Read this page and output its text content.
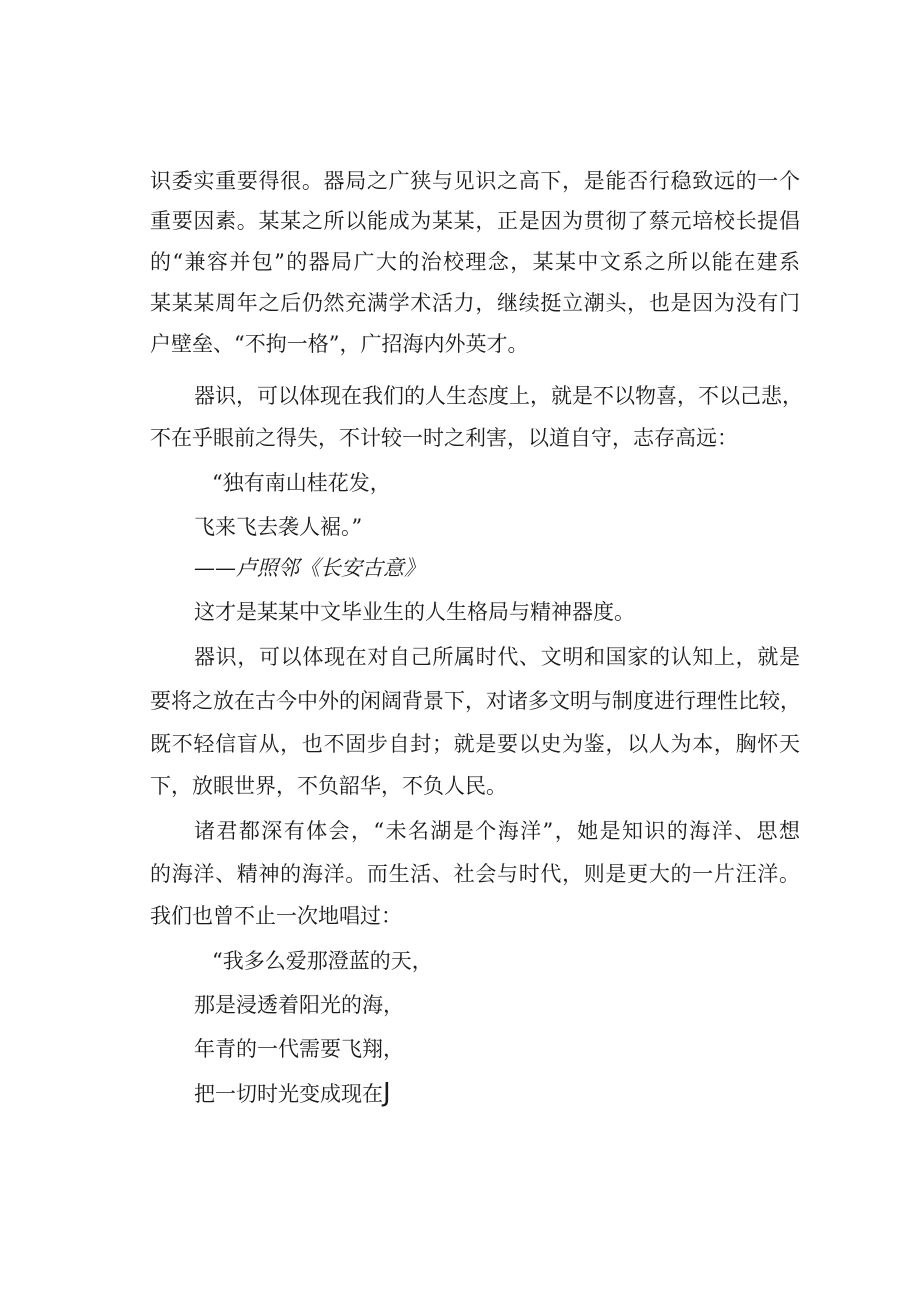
识委实重要得很。器局之广狭与见识之高下，是能否行稳致远的一个
重要因素。某某之所以能成为某某，正是因为贯彻了蔡元培校长提倡
的“兼容并包”的器局广大的治校理念，某某中文系之所以能在建系
某某某周年之后仍然充满学术活力，继续挺立潮头，也是因为没有门
户壁垒、“不拘一格”，广招海内外英才。
器识，可以体现在我们的人生态度上，就是不以物喜，不以己悲，
不在乎眼前之得失，不计较一时之利害，以道自守，志存高远：
“独有南山桂花发，
飞来飞去袭人裾。”
——卢照邻《长安古意》
这才是某某中文毕业生的人生格局与精神器度。
器识，可以体现在对自己所属时代、文明和国家的认知上，就是
要将之放在古今中外的闲阔背景下，对诸多文明与制度进行理性比较，
既不轻信盲从，也不固步自封；就是要以史为鉴，以人为本，胸怀天
下，放眼世界，不负韶华，不负人民。
诸君都深有体会，“未名湖是个海洋”，她是知识的海洋、思想
的海洋、精神的海洋。而生活、社会与时代，则是更大的一片汪洋。
我们也曾不止一次地唱过：
“我多么爱那澄蓝的天，
那是浸透着阳光的海，
年青的一代需要飞翔，
把一切时光变成现在J
